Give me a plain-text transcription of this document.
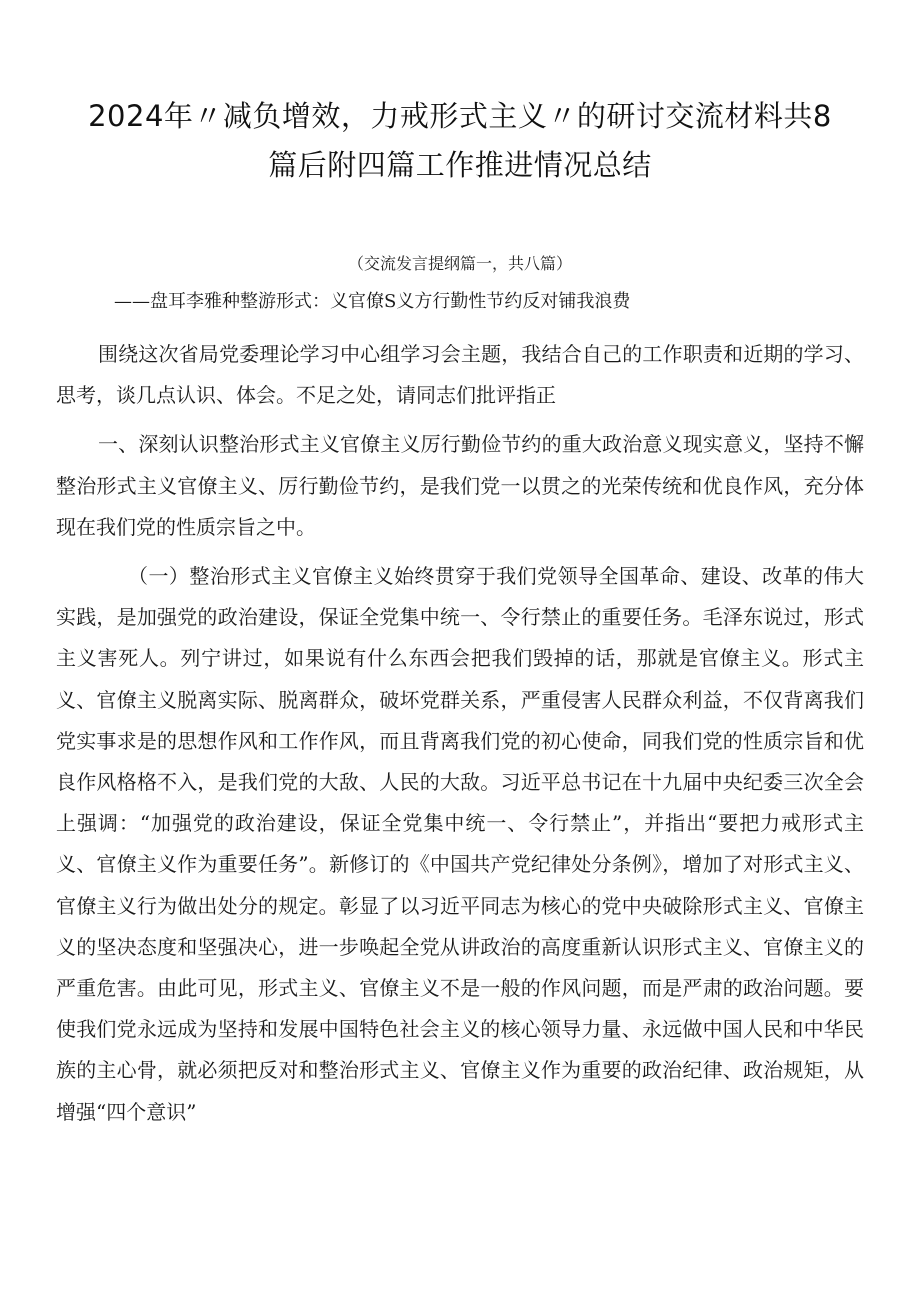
2024年〃减负增效，力戒形式主义〃的研讨交流材料共8
篇后附四篇工作推进情况总结

（交流发言提纲篇一，共八篇）

——盘耳李雅种整游形式：义官僚S义方行勤性节约反对铺我浪费

围绕这次省局党委理论学习中心组学习会主题，我结合自己的工作职责和近期的学习、思考，谈几点认识、体会。不足之处，请同志们批评指正

一、深刻认识整治形式主义官僚主义厉行勤俭节约的重大政治意义现实意义，坚持不懈整治形式主义官僚主义、厉行勤俭节约，是我们党一以贯之的光荣传统和优良作风，充分体现在我们党的性质宗旨之中。

（一）整治形式主义官僚主义始终贯穿于我们党领导全国革命、建设、改革的伟大实践，是加强党的政治建设，保证全党集中统一、令行禁止的重要任务。毛泽东说过，形式主义害死人。列宁讲过，如果说有什么东西会把我们毁掉的话，那就是官僚主义。形式主义、官僚主义脱离实际、脱离群众，破坏党群关系，严重侵害人民群众利益，不仅背离我们党实事求是的思想作风和工作作风，而且背离我们党的初心使命，同我们党的性质宗旨和优良作风格格不入，是我们党的大敌、人民的大敌。习近平总书记在十九届中央纪委三次全会上强调：“加强党的政治建设，保证全党集中统一、令行禁止”，并指出“要把力戒形式主义、官僚主义作为重要任务”。新修订的《中国共产党纪律处分条例》，增加了对形式主义、官僚主义行为做出处分的规定。彰显了以习近平同志为核心的党中央破除形式主义、官僚主义的坚决态度和坚强决心，进一步唤起全党从讲政治的高度重新认识形式主义、官僚主义的严重危害。由此可见，形式主义、官僚主义不是一般的作风问题，而是严肃的政治问题。要使我们党永远成为坚持和发展中国特色社会主义的核心领导力量、永远做中国人民和中华民族的主心骨，就必须把反对和整治形式主义、官僚主义作为重要的政治纪律、政治规矩，从增强“四个意识”
